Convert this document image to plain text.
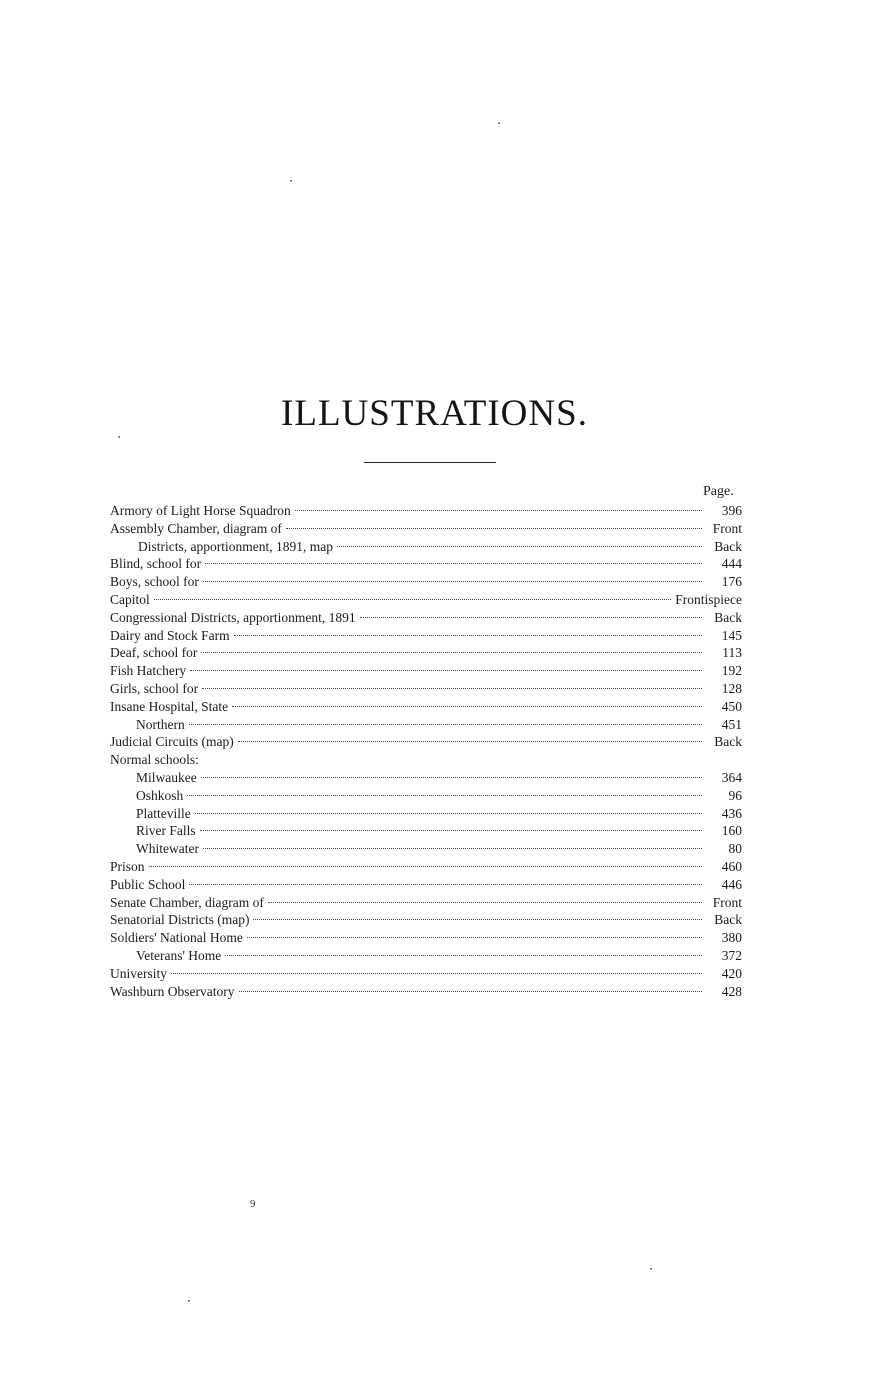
ILLUSTRATIONS.
Page.
Armory of Light Horse Squadron	396
Assembly Chamber, diagram of	Front
Districts, apportionment, 1891, map	Back
Blind, school for	444
Boys, school for	176
Capitol	Frontispiece
Congressional Districts, apportionment, 1891	Back
Dairy and Stock Farm	145
Deaf, school for	113
Fish Hatchery	192
Girls, school for	128
Insane Hospital, State	450
Northern	451
Judicial Circuits (map)	Back
Normal schools:
Milwaukee	364
Oshkosh	96
Platteville	436
River Falls	160
Whitewater	80
Prison	460
Public School	446
Senate Chamber, diagram of	Front
Senatorial Districts (map)	Back
Soldiers' National Home	380
Veterans' Home	372
University	420
Washburn Observatory	428
9
